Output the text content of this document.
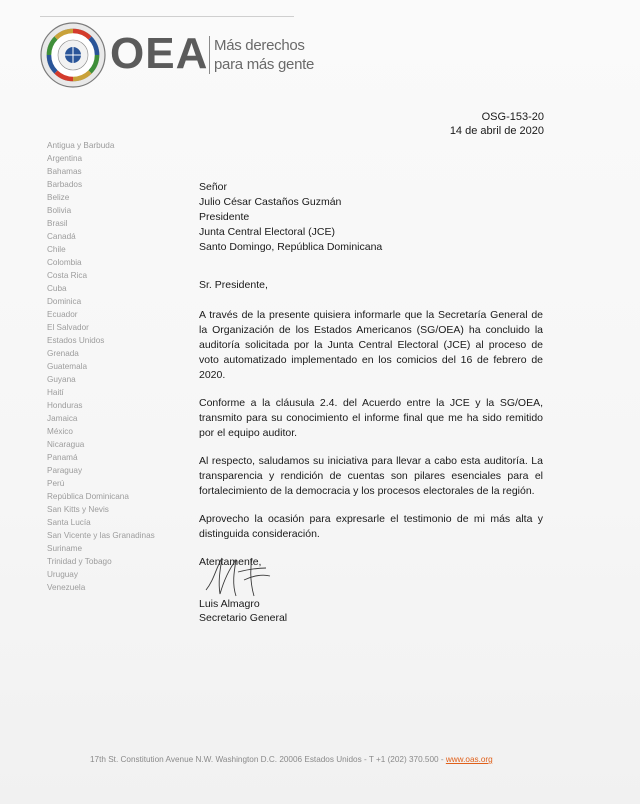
OEA Más derechos
para más gente
OSG-153-20
14 de abril de 2020
Antigua y Barbuda
Argentina
Bahamas
Barbados
Belize
Bolivia
Brasil
Canadá
Chile
Colombia
Costa Rica
Cuba
Dominica
Ecuador
El Salvador
Estados Unidos
Grenada
Guatemala
Guyana
Haití
Honduras
Jamaica
México
Nicaragua
Panamá
Paraguay
Perú
República Dominicana
San Kitts y Nevis
Santa Lucía
San Vicente y las Granadinas
Suriname
Trinidad y Tobago
Uruguay
Venezuela
Señor
Julio César Castaños Guzmán
Presidente
Junta Central Electoral (JCE)
Santo Domingo, República Dominicana

Sr. Presidente,

A través de la presente quisiera informarle que la Secretaría General de la Organización de los Estados Americanos (SG/OEA) ha concluido la auditoría solicitada por la Junta Central Electoral (JCE) al proceso de voto automatizado implementado en los comicios del 16 de febrero de 2020.

Conforme a la cláusula 2.4. del Acuerdo entre la JCE y la SG/OEA, transmito para su conocimiento el informe final que me ha sido remitido por el equipo auditor.

Al respecto, saludamos su iniciativa para llevar a cabo esta auditoría. La transparencia y rendición de cuentas son pilares esenciales para el fortalecimiento de la democracia y los procesos electorales de la región.

Aprovecho la ocasión para expresarle el testimonio de mi más alta y distinguida consideración.

Atentamente,

Luis Almagro
Secretario General
17th St. Constitution Avenue N.W. Washington D.C. 20006 Estados Unidos - T +1 (202) 370.500 - www.oas.org
